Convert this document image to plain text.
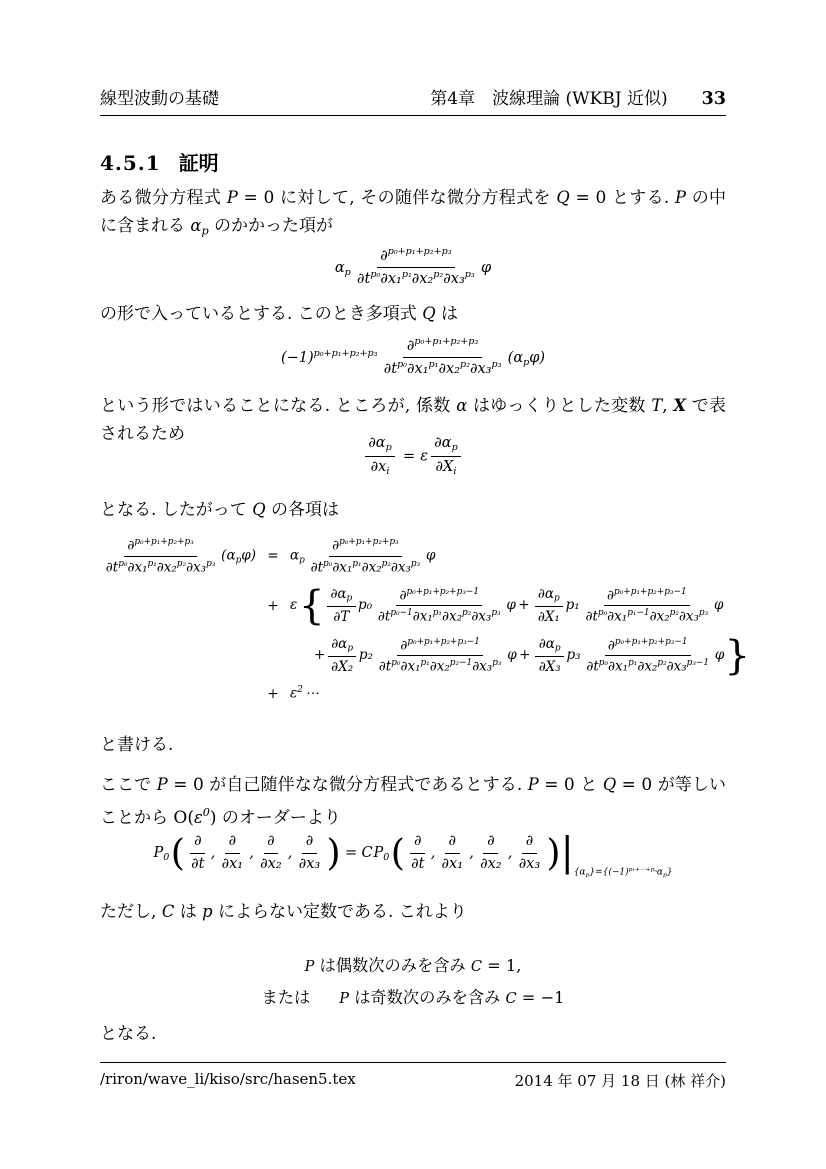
線型波動の基礎	第4章　波線理論 (WKBJ 近似) 33
4.5.1 証明
ある微分方程式 P = 0 に対して, その随伴な微分方程式を Q = 0 とする. P の中
に含まれる αp のかかった項が
αp $\frac{\partial^{p_0+p_1+p_2+p_3}}{\partial t^{p_0}\partial x_1^{p_1}\partial x_2^{p_2}\partial x_3^{p_3}}$ φ
の形で入っているとする. このとき多項式 Q は
$(-1)^{p_0+p_1+p_2+p_3} \frac{\partial^{p_0+p_1+p_2+p_3}}{\partial t^{p_0}\partial x_1^{p_1}\partial x_2^{p_2}\partial x_3^{p_3}} (\alpha p\varphi)$
という形ではいることになる. ところが, 係数 α はゆっくりとした変数 T, X で表
されるため	$\frac{\partial\alpha p}{\partial xi} = \varepsilon \frac{\partial\alpha p}{\partial Xi}$
となる. したがって Q の各項は
$\frac{\partial^{p_0+p_1+p_2+p_3}}{\partial t^{p_0}\partial x_1^{p_1}\partial x_2^{p_2}\partial x_3^{p_3}} (\alpha p\varphi) = \alpha p \frac{\partial^{p_0+p_1+p_2+p_3}}{\partial t^{p_0}\partial x_1^{p_1}\partial x_2^{p_2}\partial x_3^{p_3}}$ φ
+ $\varepsilon\{ \frac{\partial\alpha p}{\partial T} p_0 \frac{\partial^{p_0+p_1+p_2+p_3-1}}{\partial t^{p_0-1}\partial x_1^{p_1}\partial x_2^{p_2}\partial x_3^{p_3}}$ $\varphi + \frac{\partial\alpha p}{\text{∂X₁}} p_1 \frac{\partial^{p_0+p_1+p_2+p_3-1}}{\partial t^{p_0}\partial x_1^{p_1-1}\partial x_2^{p_2}\partial x_3^{p_3}}$ φ
+ $\frac{\partial\alpha p}{\text{∂X₂}} p_2 \frac{\partial^{p_0+p_1+p_2+p_3-1}}{\partial t^{p_0}\partial x_1^{p_1}\partial x_2^{p_2-1}\partial x_3^{p_3}}$ $\varphi + \frac{\partial\alpha p}{\text{∂X₃}} p_3 \frac{\partial^{p_0+p_1+p_2+p_3-1}}{\partial t^{p_0}\partial x_1^{p_1}\partial x_2^{p_2}\partial x_3^{p_3-1}} \varphi$}
+ $\varepsilon^2$ ⋯
と書ける.
ここで P = 0 が自己随伴なな微分方程式であるとする. P = 0 と Q = 0 が等しい
ことから $O(\varepsilon^0)$ のオーダーより
P0( ∂
∂t
,
∂
∂x₁
,
∂
∂x₂
,
∂
∂x₃ ) = CP0( ∂
∂t
,
∂
∂x₁
,
∂
∂x₂
,
∂
∂x₃ )$|\{\alpha p\}=\{(-1)^{p_1+\cdots+pn}\alpha p\}$
ただし, C は p によらない定数である. これより
P は偶数次のみを含み C = 1,
または P は奇数次のみを含み C = −1
となる.
/riron/wave_li/kiso/src/hasen5.tex	2014 年 07 月 18 日 (林 祥介)
